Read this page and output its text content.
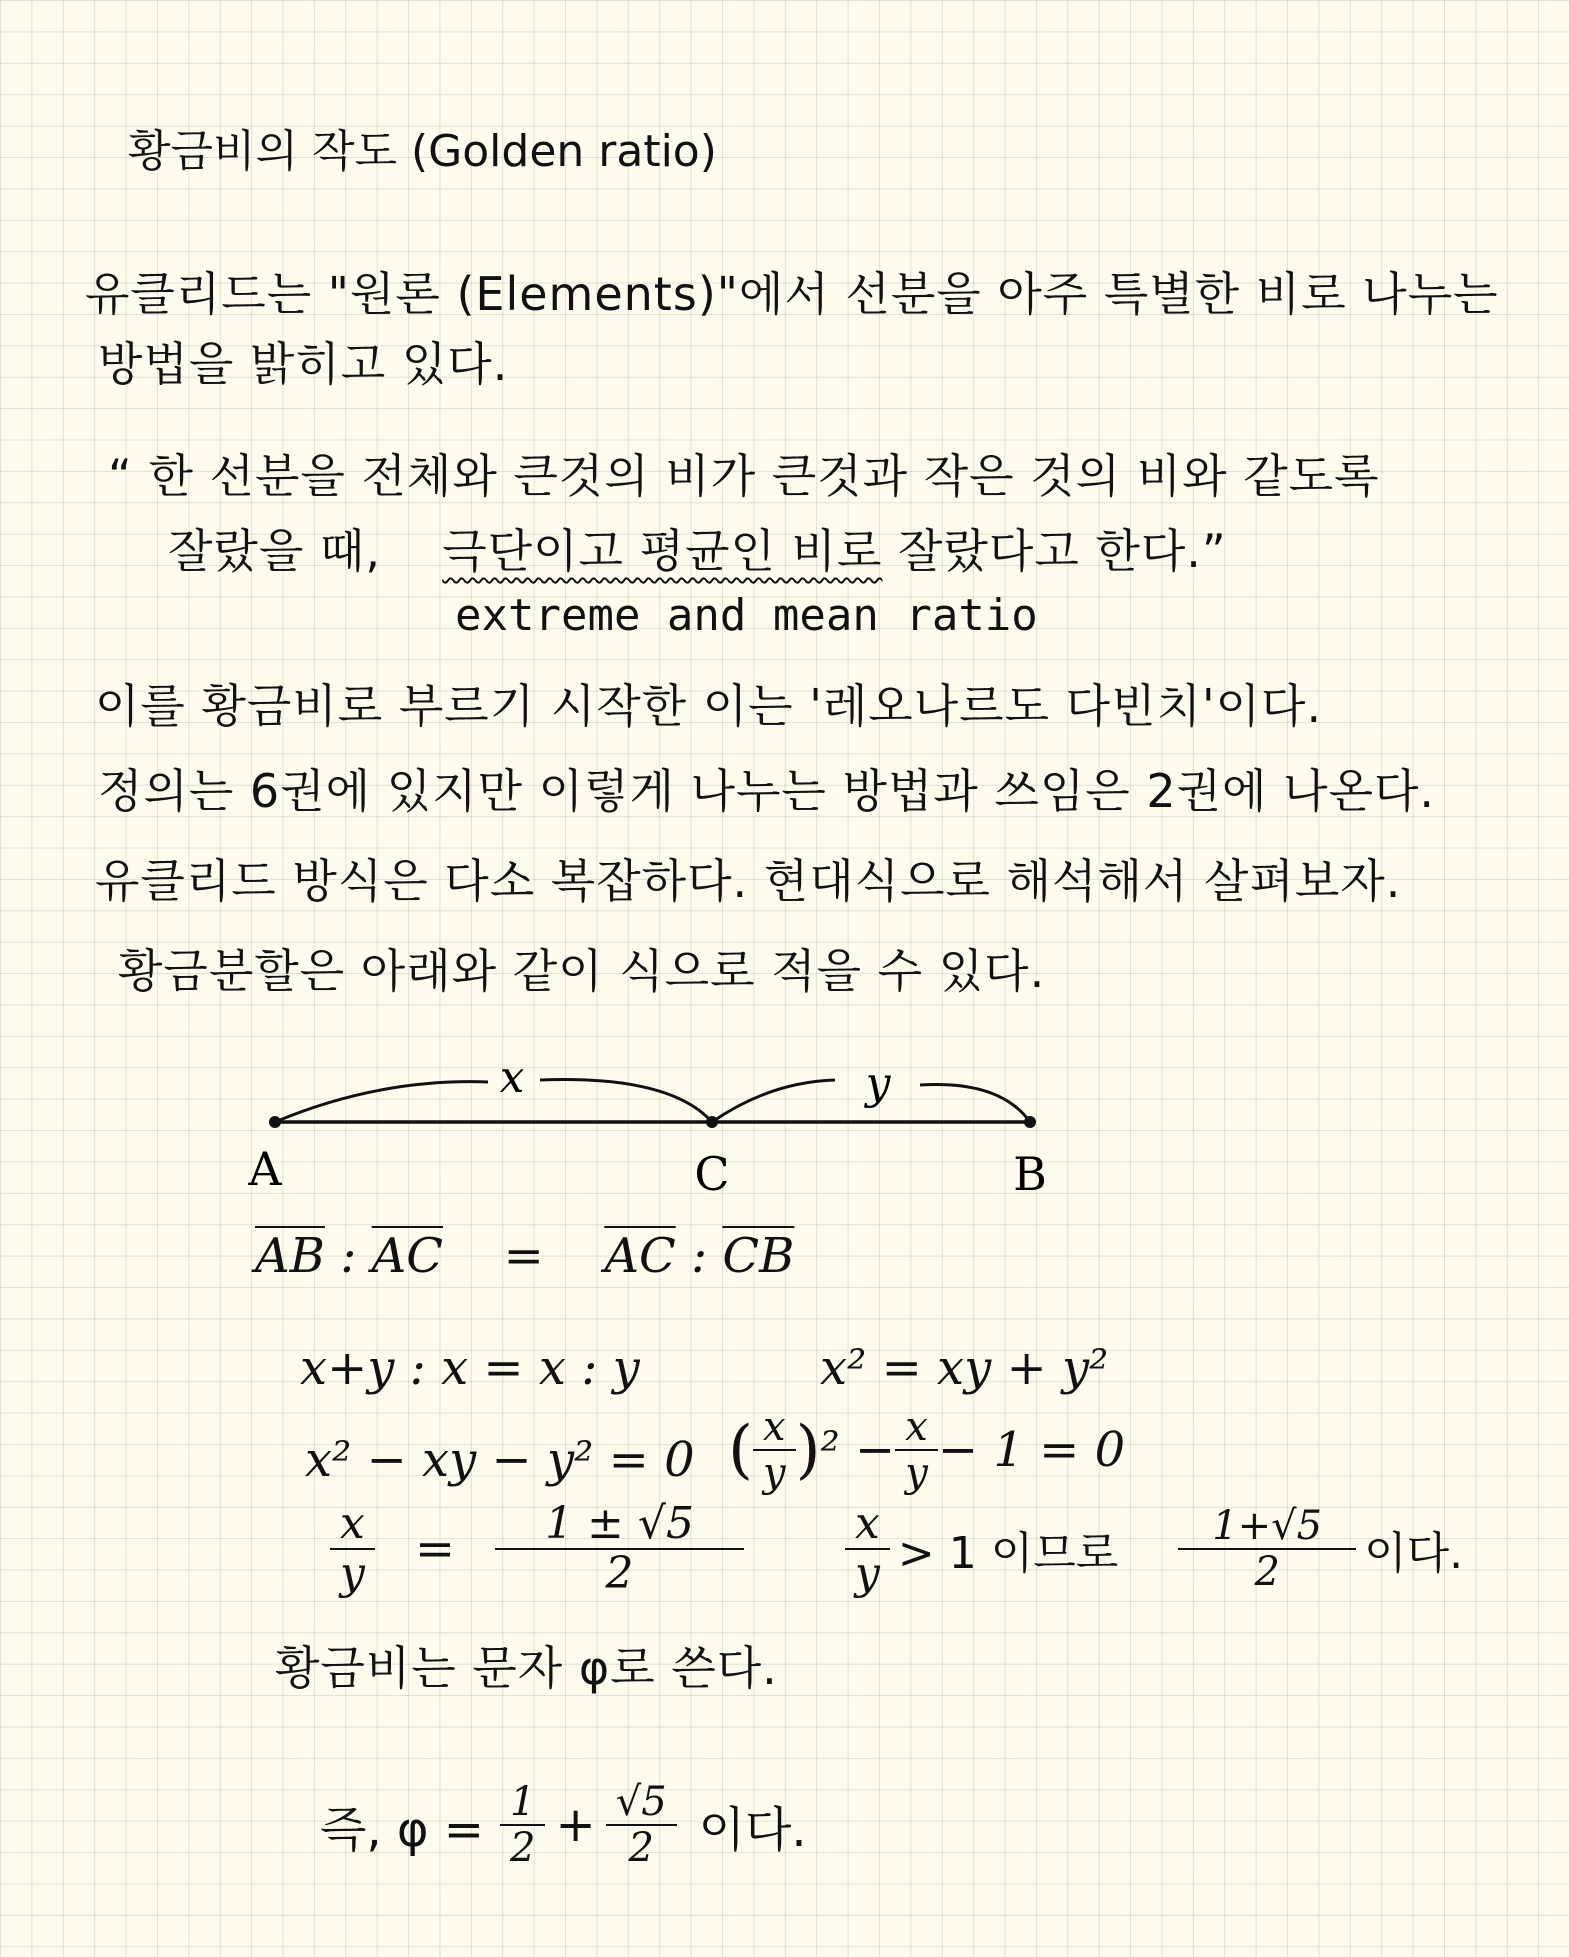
황금비의 작도 (Golden ratio)
유클리드는 "원론 (Elements)"에서 선분을 아주 특별한 비로 나누는
방법을 밝히고 있다.
“ 한 선분을 전체와 큰것의 비가 큰것과 작은 것의 비와 같도록
잘랐을 때, 극단이고 평균인 비로 잘랐다고 한다.”
extreme and mean ratio
이를 황금비로 부르기 시작한 이는 '레오나르도 다빈치'이다.
정의는 6권에 있지만 이렇게 나누는 방법과 쓰임은 2권에 나온다.
유클리드 방식은 다소 복잡하다. 현대식으로 해석해서 살펴보자.
황금분할은 아래와 같이 식으로 적을 수 있다.
x	y
A	C	B
$\overline{AB}$ : $\overline{AC} = \overline{AC}$ : $\overline{CB}$
x+y : x = x : y	x² = xy + y²
x² − xy − y² = 0 ( $\frac{x}{y}$ ) $^2 - \frac{x}{y} - 1 = 0$
$\frac{x}{y} = \frac{1 \pm √5}{2} \frac{x}{y} > 1$ 이므로 $\frac{1+√5}{2}$ 이다.
황금비는 문자 φ로 쓴다.
즉, $\varphi = \frac{1}{2} + \frac{√5}{2}$ 이다.
